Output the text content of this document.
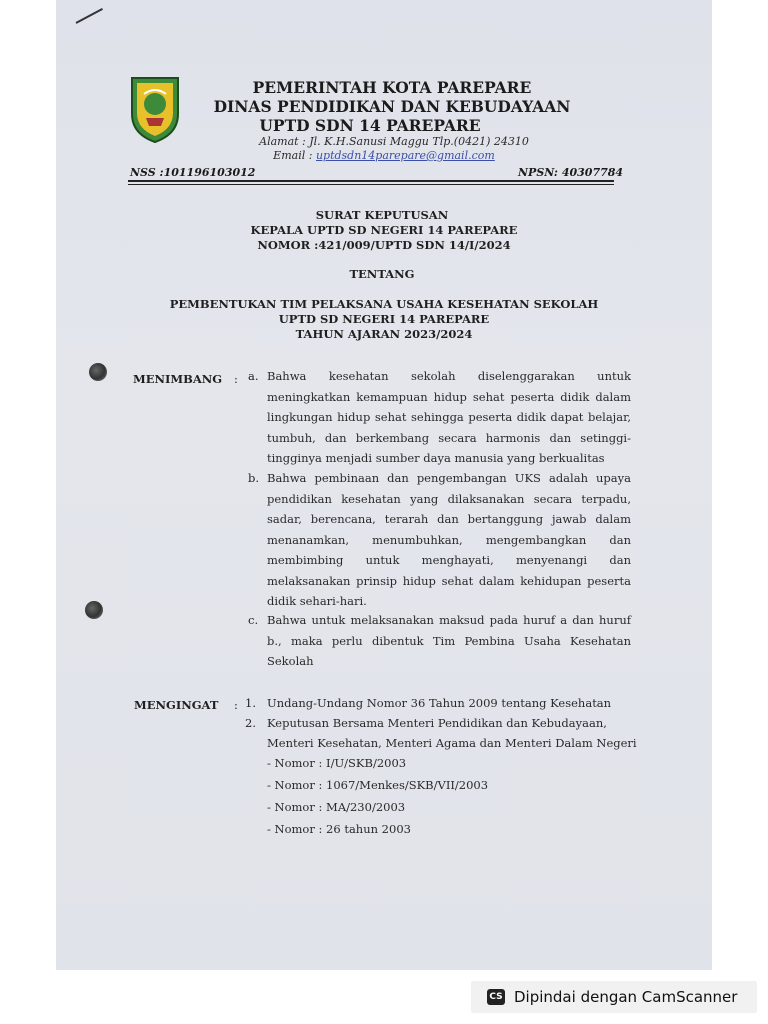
PEMERINTAH KOTA PAREPARE
DINAS PENDIDIKAN DAN KEBUDAYAAN
UPTD SDN 14 PAREPARE
Alamat : Jl. K.H.Sanusi Maggu Tlp.(0421) 24310
Email : uptdsdn14parepare@gmail.com
NSS :101196103012	NPSN: 40307784
SURAT KEPUTUSAN
KEPALA UPTD SD NEGERI 14 PAREPARE
NOMOR :421/009/UPTD SDN 14/I/2024
TENTANG
PEMBENTUKAN TIM PELAKSANA USAHA KESEHATAN SEKOLAH
UPTD SD NEGERI 14 PAREPARE
TAHUN AJARAN 2023/2024
MENIMBANG : a. Bahwa kesehatan sekolah diselenggarakan untuk meningkatkan kemampuan hidup sehat peserta didik dalam lingkungan hidup sehat sehingga peserta didik dapat belajar, tumbuh, dan berkembang secara harmonis dan setinggi-tingginya menjadi sumber daya manusia yang berkualitas

b. Bahwa pembinaan dan pengembangan UKS adalah upaya pendidikan kesehatan yang dilaksanakan secara terpadu, sadar, berencana, terarah dan bertanggung jawab dalam menanamkan, menumbuhkan, mengembangkan dan membimbing untuk menghayati, menyenangi dan melaksanakan prinsip hidup sehat dalam kehidupan peserta didik sehari-hari.

c. Bahwa untuk melaksanakan maksud pada huruf a dan huruf b., maka perlu dibentuk Tim Pembina Usaha Kesehatan Sekolah

MENGINGAT : 1. Undang-Undang Nomor 36 Tahun 2009 tentang Kesehatan
2. Keputusan Bersama Menteri Pendidikan dan Kebudayaan,
Menteri Kesehatan, Menteri Agama dan Menteri Dalam Negeri
- Nomor : I/U/SKB/2003
- Nomor : 1067/Menkes/SKB/VII/2003
- Nomor : MA/230/2003
- Nomor : 26 tahun 2003
CS Dipindai dengan CamScanner
